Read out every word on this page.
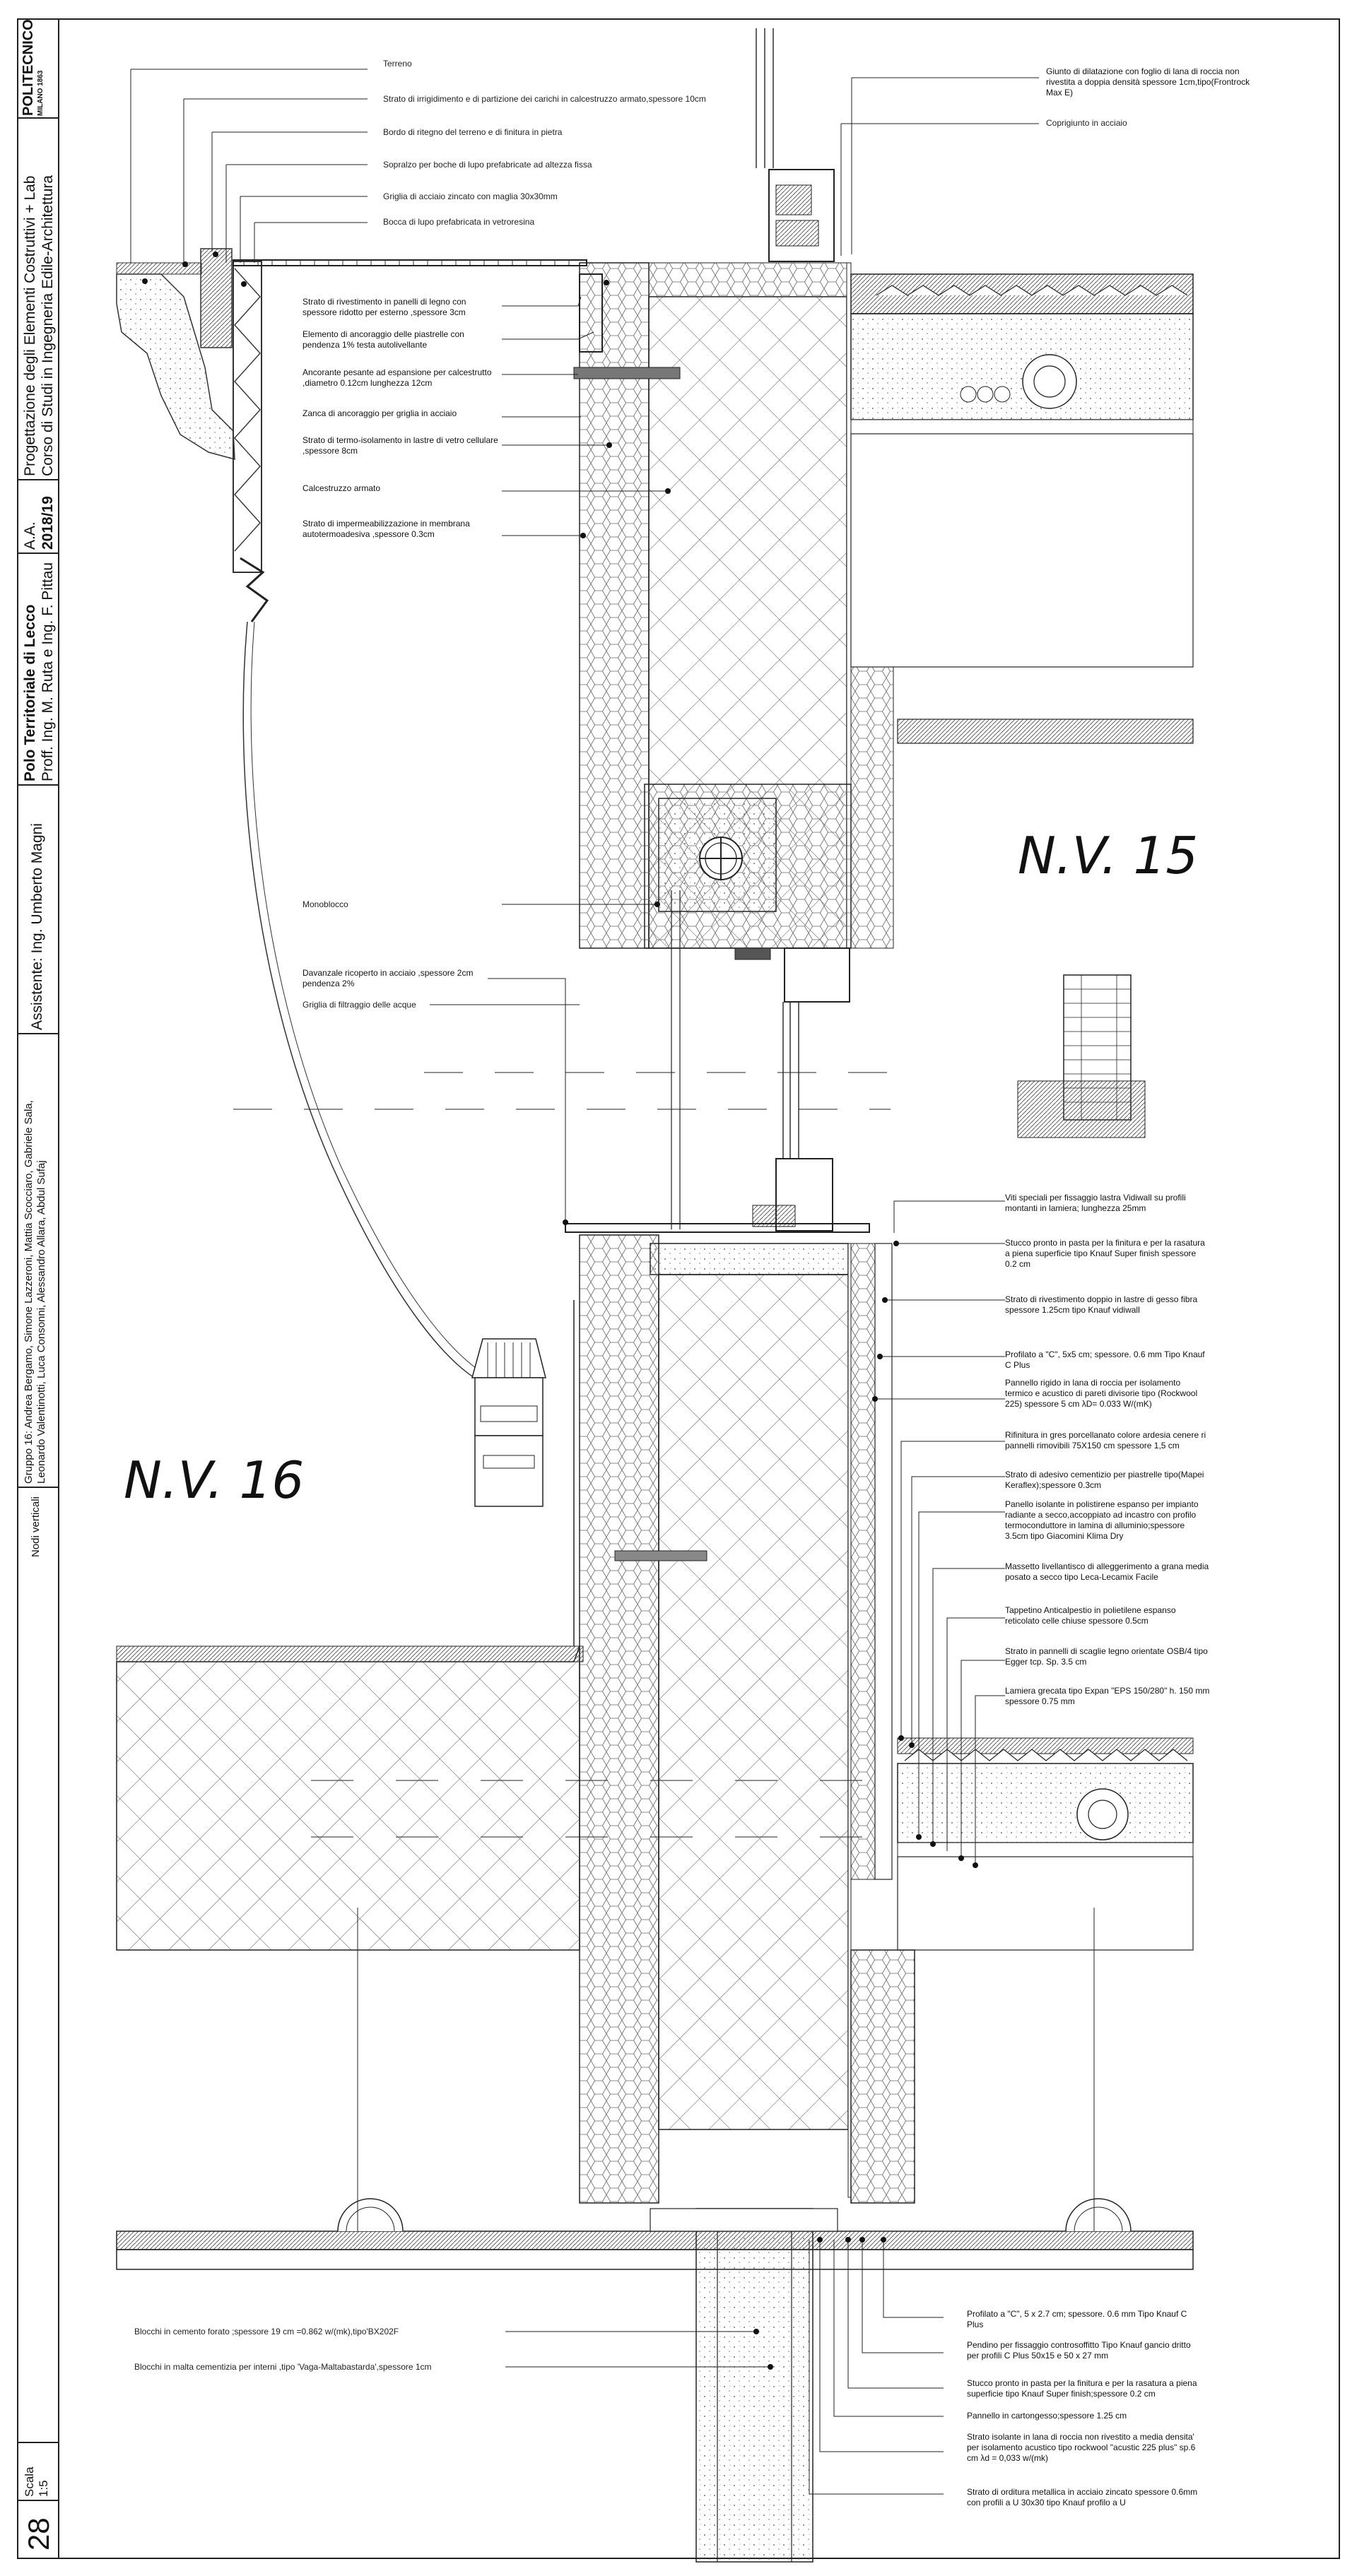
POLITECNICO MILANO 1863
Progettazione degli Elementi Costruttivi + Lab Corso di Studi in Ingegneria Edile-Architettura
A.A. 2018/19
Polo Territoriale di Lecco Proff. Ing. M. Ruta e Ing. F. Pittau
Assistente: Ing. Umberto Magni
Gruppo 16: Andrea Bergamo, Simone Lazzeroni, Mattia Scocciaro, Gabriele Sala, Leonardo Valentinotti, Luca Consonni, Alessandro Allara, Abdul Sufaj
Nodi verticali
Scala 1:5
28
N.V. 15
N.V. 16
Terreno
Strato di irrigidimento e di partizione dei carichi in calcestruzzo armato,spessore 10cm
Bordo di ritegno del terreno e di finitura in pietra
Sopralzo per boche di lupo prefabricate ad altezza fissa
Griglia di acciaio zincato con maglia 30x30mm
Bocca di lupo prefabricata in vetroresina
Giunto di dilatazione con foglio di lana di roccia non rivestita a doppia densità spessore 1cm,tipo(Frontrock Max E)
Coprigiunto in acciaio
Strato di rivestimento in panelli di legno con spessore ridotto per esterno ,spessore 3cm
Elemento di ancoraggio delle piastrelle con pendenza 1% testa autolivellante
Ancorante pesante ad espansione per calcestrutto ,diametro 0.12cm lunghezza 12cm
Zanca di ancoraggio per griglia in acciaio
Strato di termo-isolamento in lastre di vetro cellulare ,spessore 8cm
Calcestruzzo armato
Strato di impermeabilizzazione in membrana autotermoadesiva ,spessore 0.3cm
Monoblocco
Davanzale ricoperto in acciaio ,spessore 2cm pendenza 2%
Griglia di filtraggio delle acque
Viti speciali per fissaggio lastra Vidiwall su profili montanti in lamiera; lunghezza 25mm
Stucco pronto in pasta per la finitura e per la rasatura a piena superficie tipo Knauf Super finish spessore 0.2 cm
Strato di rivestimento doppio in lastre di gesso fibra spessore 1.25cm tipo Knauf vidiwall
Profilato a "C", 5x5 cm; spessore. 0.6 mm Tipo Knauf C Plus
Pannello rigido in lana di roccia per isolamento termico e acustico di pareti divisorie tipo (Rockwool 225) spessore 5 cm λD= 0.033 W/(mK)
Rifinitura in gres porcellanato colore ardesia cenere ri pannelli rimovibili 75X150 cm spessore 1,5 cm
Strato di adesivo cementizio per piastrelle tipo(Mapei Keraflex);spessore 0.3cm
Panello isolante in polistirene espanso per impianto radiante a secco,accoppiato ad incastro con profilo termoconduttore in lamina di alluminio;spessore 3.5cm tipo Giacomini Klima Dry
Massetto livellantisco di alleggerimento a grana media posato a secco tipo Leca-Lecamix Facile
Tappetino Anticalpestio in polietilene espanso reticolato celle chiuse spessore 0.5cm
Strato in pannelli di scaglie legno orientate OSB/4 tipo Egger tcp. Sp. 3.5 cm
Lamiera grecata tipo Expan "EPS 150/280" h. 150 mm spessore 0.75 mm
Profilato a "C", 5 x 2.7 cm; spessore. 0.6 mm Tipo Knauf C Plus
Pendino per fissaggio controsoffitto Tipo Knauf gancio dritto per profili C Plus 50x15 e 50 x 27 mm
Stucco pronto in pasta per la finitura e per la rasatura a piena superficie tipo Knauf Super finish;spessore 0.2 cm
Pannello in cartongesso;spessore 1.25 cm
Strato isolante in lana di roccia non rivestito a media densita' per isolamento acustico tipo rockwool "acustic 225 plus" sp.6 cm λd = 0,033 w/(mk)
Strato di orditura metallica in acciaio zincato spessore 0.6mm con profili a U 30x30 tipo Knauf profilo a U
Blocchi in cemento forato ;spessore 19 cm =0.862 w/(mk),tipo'BX202F
Blocchi in malta cementizia per interni ,tipo 'Vaga-Maltabastarda',spessore 1cm
